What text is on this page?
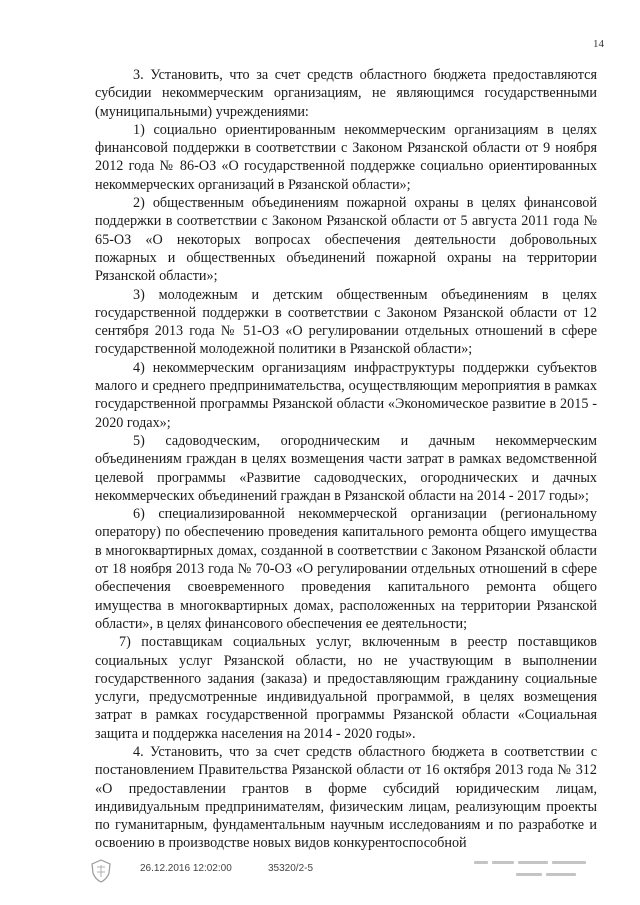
14

3. Установить, что за счет средств областного бюджета предоставляются субсидии некоммерческим организациям, не являющимся государственными (муниципальными) учреждениями:

1) социально ориентированным некоммерческим организациям в целях финансовой поддержки в соответствии с Законом Рязанской области от 9 ноября 2012 года № 86-ОЗ «О государственной поддержке социально ориентированных некоммерческих организаций в Рязанской области»;

2) общественным объединениям пожарной охраны в целях финансовой поддержки в соответствии с Законом Рязанской области от 5 августа 2011 года № 65-ОЗ «О некоторых вопросах обеспечения деятельности добровольных пожарных и общественных объединений пожарной охраны на территории Рязанской области»;

3) молодежным и детским общественным объединениям в целях государственной поддержки в соответствии с Законом Рязанской области от 12 сентября 2013 года № 51-ОЗ «О регулировании отдельных отношений в сфере государственной молодежной политики в Рязанской области»;

4) некоммерческим организациям инфраструктуры поддержки субъектов малого и среднего предпринимательства, осуществляющим мероприятия в рамках государственной программы Рязанской области «Экономическое развитие в 2015 - 2020 годах»;

5) садоводческим, огородническим и дачным некоммерческим объединениям граждан в целях возмещения части затрат в рамках ведомственной целевой программы «Развитие садоводческих, огороднических и дачных некоммерческих объединений граждан в Рязанской области на 2014 - 2017 годы»;

6) специализированной некоммерческой организации (региональному оператору) по обеспечению проведения капитального ремонта общего имущества в многоквартирных домах, созданной в соответствии с Законом Рязанской области от 18 ноября 2013 года № 70-ОЗ «О регулировании отдельных отношений в сфере обеспечения своевременного проведения капитального ремонта общего имущества в многоквартирных домах, расположенных на территории Рязанской области», в целях финансового обеспечения ее деятельности;

7) поставщикам социальных услуг, включенным в реестр поставщиков социальных услуг Рязанской области, но не участвующим в выполнении государственного задания (заказа) и предоставляющим гражданину социальные услуги, предусмотренные индивидуальной программой, в целях возмещения затрат в рамках государственной программы Рязанской области «Социальная защита и поддержка населения на 2014 - 2020 годы».

4. Установить, что за счет средств областного бюджета в соответствии с постановлением Правительства Рязанской области от 16 октября 2013 года № 312 «О предоставлении грантов в форме субсидий юридическим лицам, индивидуальным предпринимателям, физическим лицам, реализующим проекты по гуманитарным, фундаментальным научным исследованиям и по разработке и освоению в производстве новых видов конкурентоспособной

26.12.2016 12:02:00	35320/2-5
